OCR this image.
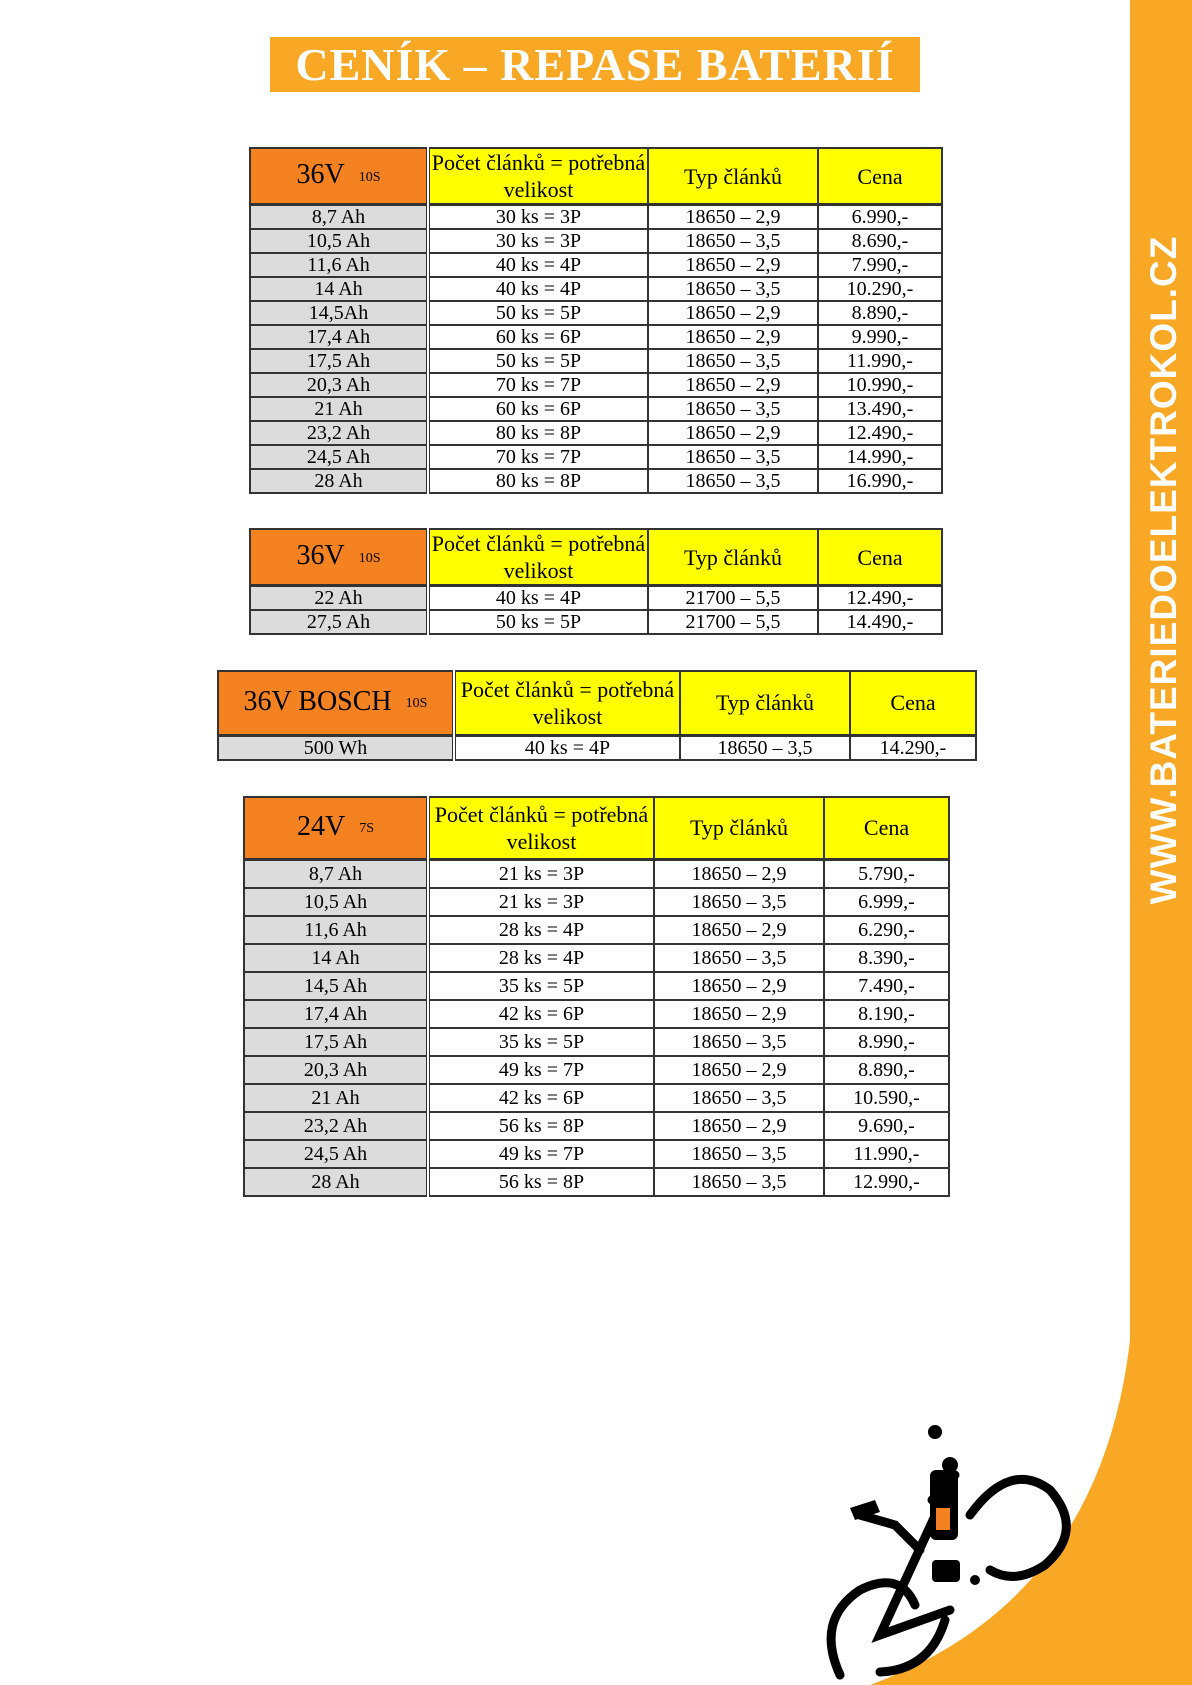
WWW.BATERIEDOELEKTROKOL.CZ
CENÍK – REPASE BATERIÍ
36V 10S	Počet článků = potřebná velikost	Typ článků	Cena
8,7 Ah	30 ks = 3P	18650 – 2,9	6.990,-
10,5 Ah	30 ks = 3P	18650 – 3,5	8.690,-
11,6 Ah	40 ks = 4P	18650 – 2,9	7.990,-
14 Ah	40 ks = 4P	18650 – 3,5	10.290,-
14,5Ah	50 ks = 5P	18650 – 2,9	8.890,-
17,4 Ah	60 ks = 6P	18650 – 2,9	9.990,-
17,5 Ah	50 ks = 5P	18650 – 3,5	11.990,-
20,3 Ah	70 ks = 7P	18650 – 2,9	10.990,-
21 Ah	60 ks = 6P	18650 – 3,5	13.490,-
23,2 Ah	80 ks = 8P	18650 – 2,9	12.490,-
24,5 Ah	70 ks = 7P	18650 – 3,5	14.990,-
28 Ah	80 ks = 8P	18650 – 3,5	16.990,-
36V 10S	Počet článků = potřebná velikost	Typ článků	Cena
22 Ah	40 ks = 4P	21700 – 5,5	12.490,-
27,5 Ah	50 ks = 5P	21700 – 5,5	14.490,-
36V BOSCH 10S	Počet článků = potřebná velikost	Typ článků	Cena
500 Wh	40 ks = 4P	18650 – 3,5	14.290,-
24V 7S	Počet článků = potřebná velikost	Typ článků	Cena
8,7 Ah	21 ks = 3P	18650 – 2,9	5.790,-
10,5 Ah	21 ks = 3P	18650 – 3,5	6.999,-
11,6 Ah	28 ks = 4P	18650 – 2,9	6.290,-
14 Ah	28 ks = 4P	18650 – 3,5	8.390,-
14,5 Ah	35 ks = 5P	18650 – 2,9	7.490,-
17,4 Ah	42 ks = 6P	18650 – 2,9	8.190,-
17,5 Ah	35 ks = 5P	18650 – 3,5	8.990,-
20,3 Ah	49 ks = 7P	18650 – 2,9	8.890,-
21 Ah	42 ks = 6P	18650 – 3,5	10.590,-
23,2 Ah	56 ks = 8P	18650 – 2,9	9.690,-
24,5 Ah	49 ks = 7P	18650 – 3,5	11.990,-
28 Ah	56 ks = 8P	18650 – 3,5	12.990,-
